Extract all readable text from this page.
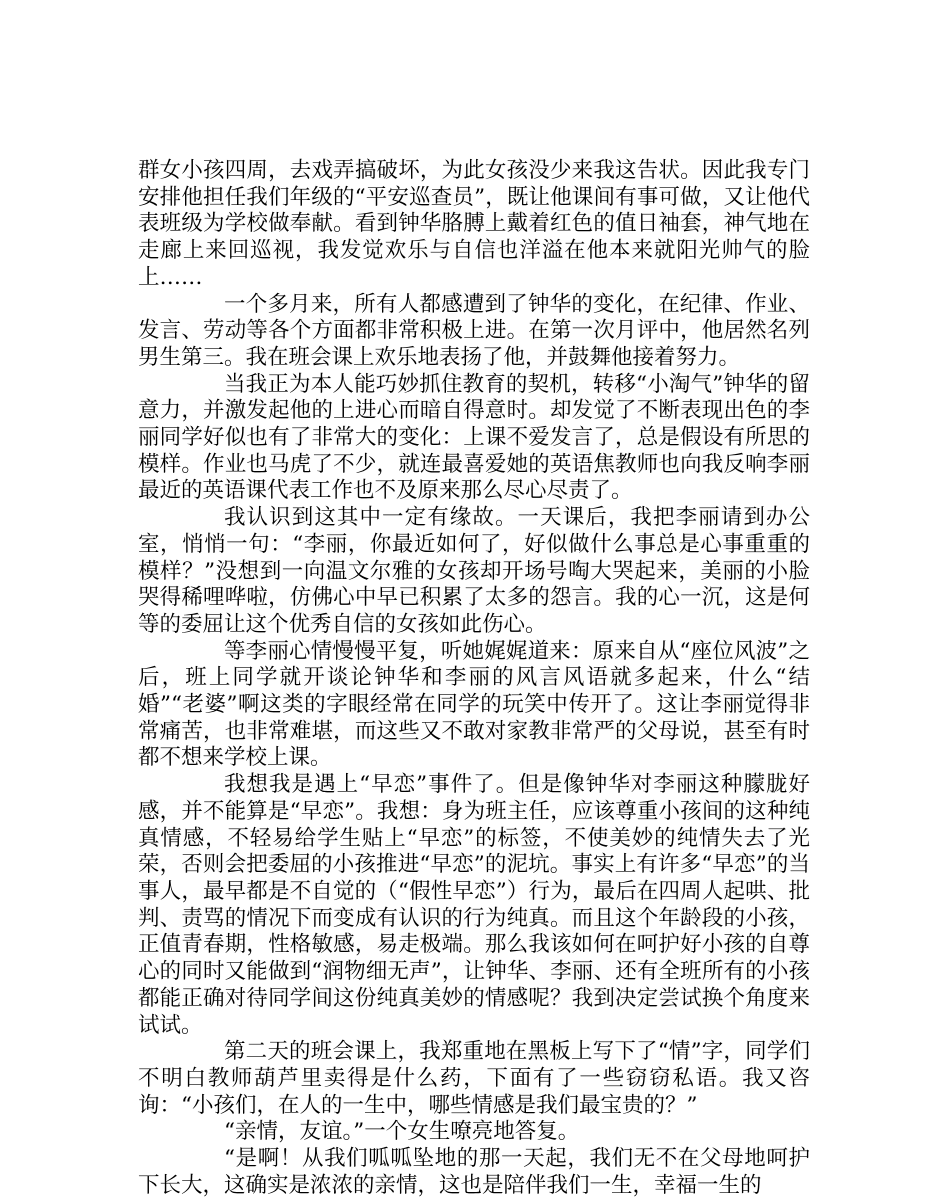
群女小孩四周，去戏弄搞破坏，为此女孩没少来我这告状。因此我专门安排他担任我们年级的“平安巡查员”，既让他课间有事可做，又让他代表班级为学校做奉献。看到钟华胳膊上戴着红色的值日袖套，神气地在走廊上来回巡视，我发觉欢乐与自信也洋溢在他本来就阳光帅气的脸上……

一个多月来，所有人都感遭到了钟华的变化，在纪律、作业、发言、劳动等各个方面都非常积极上进。在第一次月评中，他居然名列男生第三。我在班会课上欢乐地表扬了他，并鼓舞他接着努力。

当我正为本人能巧妙抓住教育的契机，转移“小淘气”钟华的留意力，并激发起他的上进心而暗自得意时。却发觉了不断表现出色的李丽同学好似也有了非常大的变化：上课不爱发言了，总是假设有所思的模样。作业也马虎了不少，就连最喜爱她的英语焦教师也向我反响李丽最近的英语课代表工作也不及原来那么尽心尽责了。

我认识到这其中一定有缘故。一天课后，我把李丽请到办公室，悄悄一句：“李丽，你最近如何了，好似做什么事总是心事重重的模样？”没想到一向温文尔雅的女孩却开场号啕大哭起来，美丽的小脸哭得稀哩哗啦，仿佛心中早已积累了太多的怨言。我的心一沉，这是何等的委屈让这个优秀自信的女孩如此伤心。

等李丽心情慢慢平复，听她娓娓道来：原来自从“座位风波”之后，班上同学就开谈论钟华和李丽的风言风语就多起来，什么“结婚”“老婆”啊这类的字眼经常在同学的玩笑中传开了。这让李丽觉得非常痛苦，也非常难堪，而这些又不敢对家教非常严的父母说，甚至有时都不想来学校上课。

我想我是遇上“早恋”事件了。但是像钟华对李丽这种朦胧好感，并不能算是“早恋”。我想：身为班主任，应该尊重小孩间的这种纯真情感，不轻易给学生贴上“早恋”的标签，不使美妙的纯情失去了光荣，否则会把委屈的小孩推进“早恋”的泥坑。事实上有许多“早恋”的当事人，最早都是不自觉的（“假性早恋”）行为，最后在四周人起哄、批判、责骂的情况下而变成有认识的行为纯真。而且这个年龄段的小孩，正值青春期，性格敏感，易走极端。那么我该如何在呵护好小孩的自尊心的同时又能做到“润物细无声”，让钟华、李丽、还有全班所有的小孩都能正确对待同学间这份纯真美妙的情感呢？我到决定尝试换个角度来试试。

第二天的班会课上，我郑重地在黑板上写下了“情”字，同学们不明白教师葫芦里卖得是什么药，下面有了一些窃窃私语。我又咨询：“小孩们，在人的一生中，哪些情感是我们最宝贵的？”

“亲情，友谊。”一个女生嘹亮地答复。

“是啊！从我们呱呱坠地的那一天起，我们无不在父母地呵护下长大，这确实是浓浓的亲情，这也是陪伴我们一生，幸福一生的
